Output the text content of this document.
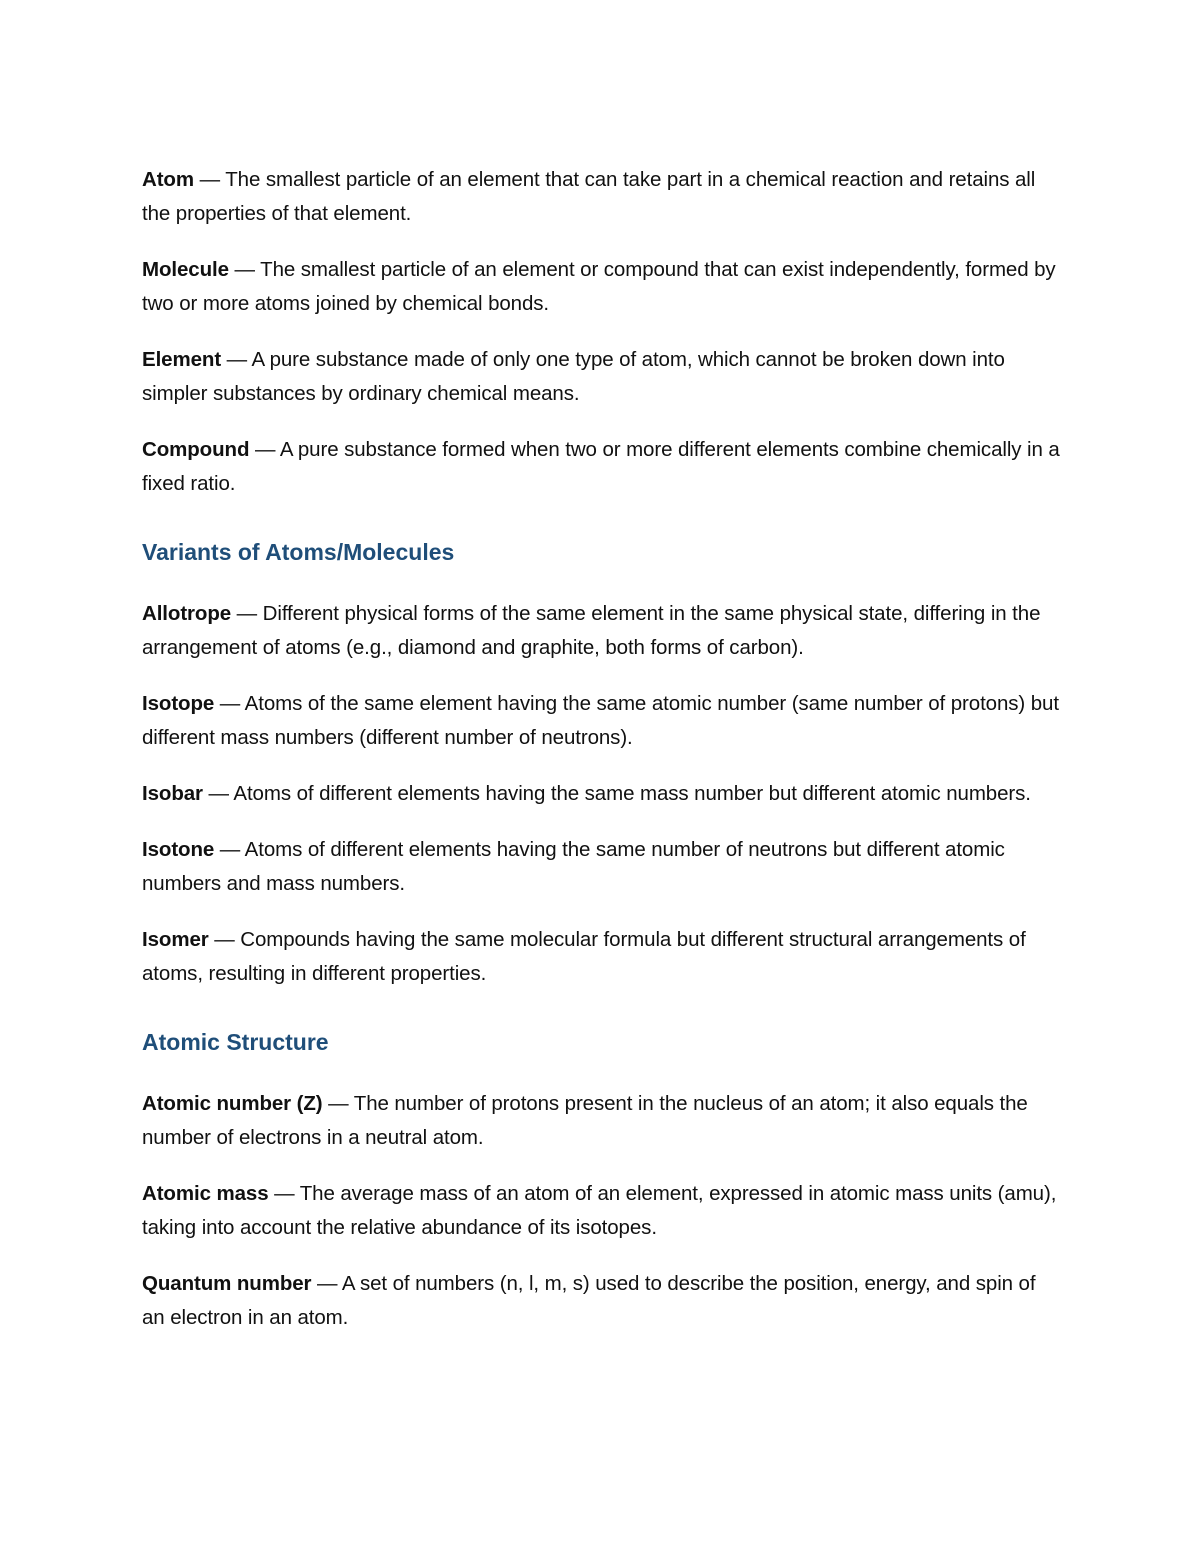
Atom — The smallest particle of an element that can take part in a chemical reaction and retains all the properties of that element.

Molecule — The smallest particle of an element or compound that can exist independently, formed by two or more atoms joined by chemical bonds.

Element — A pure substance made of only one type of atom, which cannot be broken down into simpler substances by ordinary chemical means.

Compound — A pure substance formed when two or more different elements combine chemically in a fixed ratio.

Variants of Atoms/Molecules

Allotrope — Different physical forms of the same element in the same physical state, differing in the arrangement of atoms (e.g., diamond and graphite, both forms of carbon).

Isotope — Atoms of the same element having the same atomic number (same number of protons) but different mass numbers (different number of neutrons).

Isobar — Atoms of different elements having the same mass number but different atomic numbers.

Isotone — Atoms of different elements having the same number of neutrons but different atomic numbers and mass numbers.

Isomer — Compounds having the same molecular formula but different structural arrangements of atoms, resulting in different properties.

Atomic Structure

Atomic number (Z) — The number of protons present in the nucleus of an atom; it also equals the number of electrons in a neutral atom.

Atomic mass — The average mass of an atom of an element, expressed in atomic mass units (amu), taking into account the relative abundance of its isotopes.

Quantum number — A set of numbers (n, l, m, s) used to describe the position, energy, and spin of an electron in an atom.
